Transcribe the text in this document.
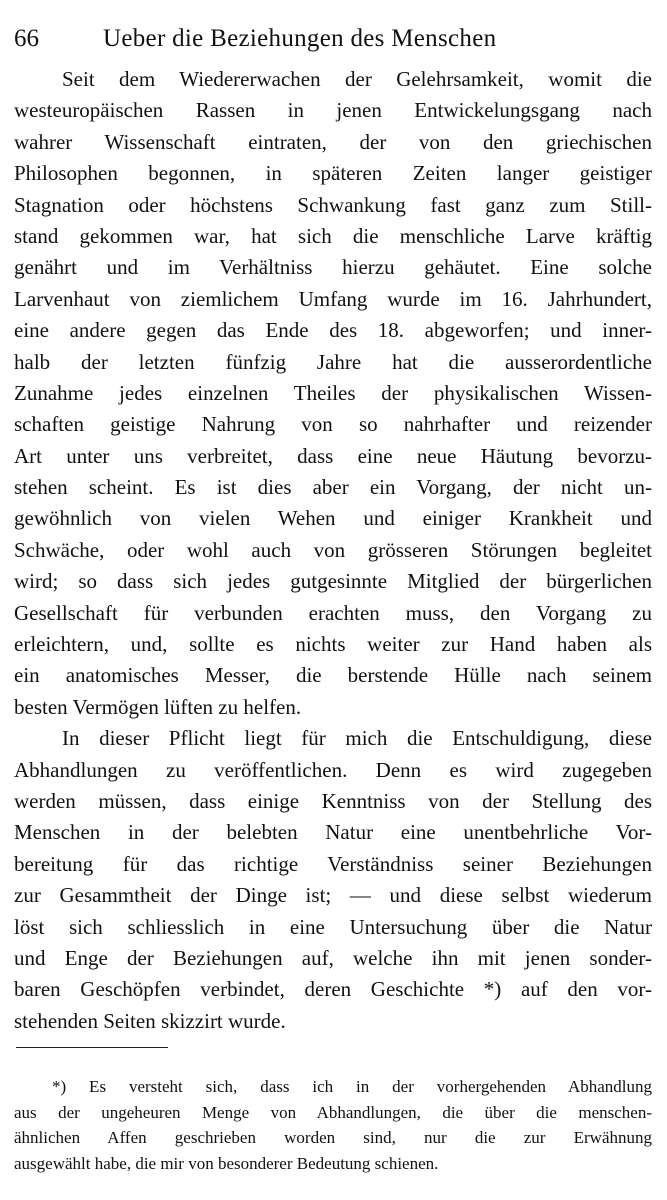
66	Ueber die Beziehungen des Menschen
Seit dem Wiedererwachen der Gelehrsamkeit, womit die
westeuropäischen Rassen in jenen Entwickelungsgang nach
wahrer Wissenschaft eintraten, der von den griechischen
Philosophen begonnen, in späteren Zeiten langer geistiger
Stagnation oder höchstens Schwankung fast ganz zum Still-
stand gekommen war, hat sich die menschliche Larve kräftig
genährt und im Verhältniss hierzu gehäutet. Eine solche
Larvenhaut von ziemlichem Umfang wurde im 16. Jahrhundert,
eine andere gegen das Ende des 18. abgeworfen; und inner-
halb der letzten fünfzig Jahre hat die ausserordentliche
Zunahme jedes einzelnen Theiles der physikalischen Wissen-
schaften geistige Nahrung von so nahrhafter und reizender
Art unter uns verbreitet, dass eine neue Häutung bevorzu-
stehen scheint. Es ist dies aber ein Vorgang, der nicht un-
gewöhnlich von vielen Wehen und einiger Krankheit und
Schwäche, oder wohl auch von grösseren Störungen begleitet
wird; so dass sich jedes gutgesinnte Mitglied der bürgerlichen
Gesellschaft für verbunden erachten muss, den Vorgang zu
erleichtern, und, sollte es nichts weiter zur Hand haben als
ein anatomisches Messer, die berstende Hülle nach seinem
besten Vermögen lüften zu helfen.
In dieser Pflicht liegt für mich die Entschuldigung, diese
Abhandlungen zu veröffentlichen. Denn es wird zugegeben
werden müssen, dass einige Kenntniss von der Stellung des
Menschen in der belebten Natur eine unentbehrliche Vor-
bereitung für das richtige Verständniss seiner Beziehungen
zur Gesammtheit der Dinge ist; — und diese selbst wiederum
löst sich schliesslich in eine Untersuchung über die Natur
und Enge der Beziehungen auf, welche ihn mit jenen sonder-
baren Geschöpfen verbindet, deren Geschichte *) auf den vor-
stehenden Seiten skizzirt wurde.
*) Es versteht sich, dass ich in der vorhergehenden Abhandlung
aus der ungeheuren Menge von Abhandlungen, die über die menschen-
ähnlichen Affen geschrieben worden sind, nur die zur Erwähnung
ausgewählt habe, die mir von besonderer Bedeutung schienen.
